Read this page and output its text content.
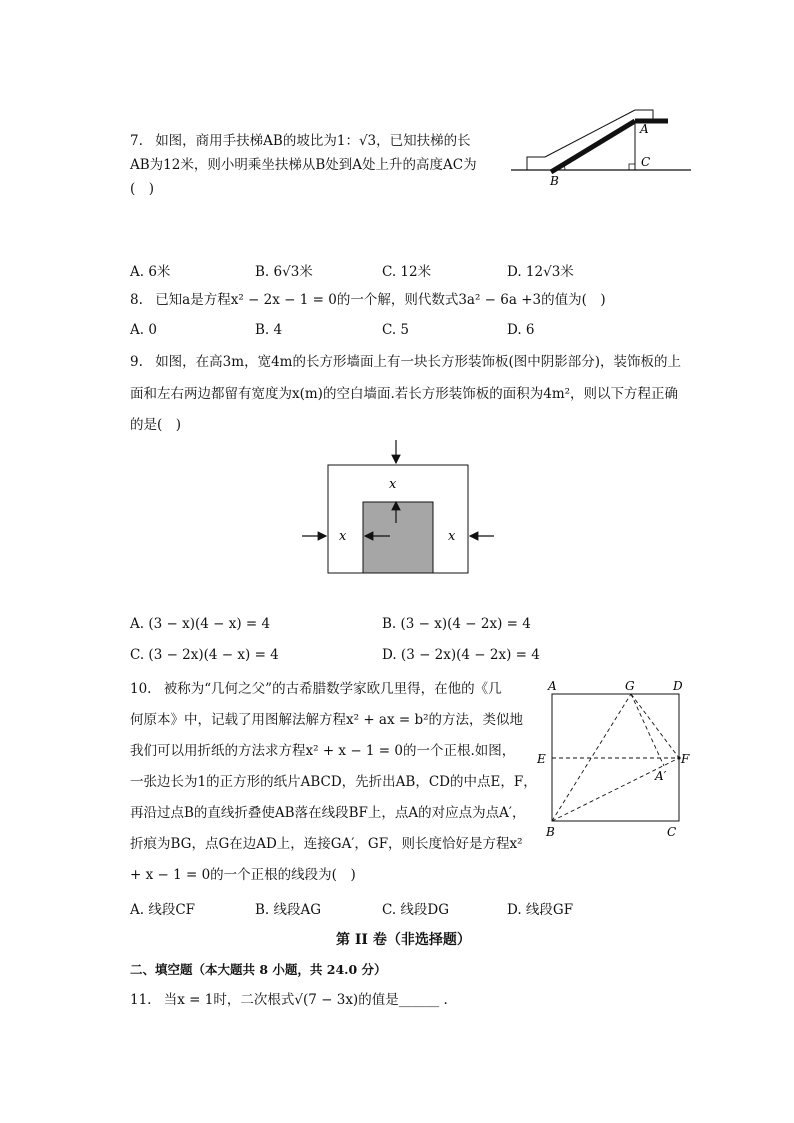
7. 如图，商用手扶梯AB的坡比为1：√3，已知扶梯的长
AB为12米，则小明乘坐扶梯从B处到A处上升的高度AC为
(　)
A
B
C
A. 6米	B. 6√3米	C. 12米	D. 12√3米
8. 已知a是方程x² − 2x − 1 = 0的一个解，则代数式3a² − 6a +3的值为(　)
A. 0	B. 4	C. 5	D. 6
9. 如图，在高3m，宽4m的长方形墙面上有一块长方形装饰板(图中阴影部分)，装饰板的上
面和左右两边都留有宽度为x(m)的空白墙面.若长方形装饰板的面积为4m²，则以下方程正确
的是(　)
x
x	x
A. (3 − x)(4 − x) = 4	B. (3 − x)(4 − 2x) = 4
C. (3 − 2x)(4 − x) = 4	D. (3 − 2x)(4 − 2x) = 4
10. 被称为“几何之父”的古希腊数学家欧几里得，在他的《几
何原本》中，记载了用图解法解方程x² + ax = b²的方法，类似地
我们可以用折纸的方法求方程x² + x − 1 = 0的一个正根.如图，
一张边长为1的正方形的纸片ABCD，先折出AB，CD的中点E，F，
再沿过点B的直线折叠使AB落在线段BF上，点A的对应点为点A′，
折痕为BG，点G在边AD上，连接GA′，GF，则长度恰好是方程x²
+ x − 1 = 0的一个正根的线段为(　)
A	G	D
E	F
A′
B	C
A. 线段CF	B. 线段AG	C. 线段DG	D. 线段GF
第 II 卷（非选择题）
二、填空题（本大题共 8 小题，共 24.0 分）
11. 当x = 1时，二次根式√(7 − 3x)的值是______ .
